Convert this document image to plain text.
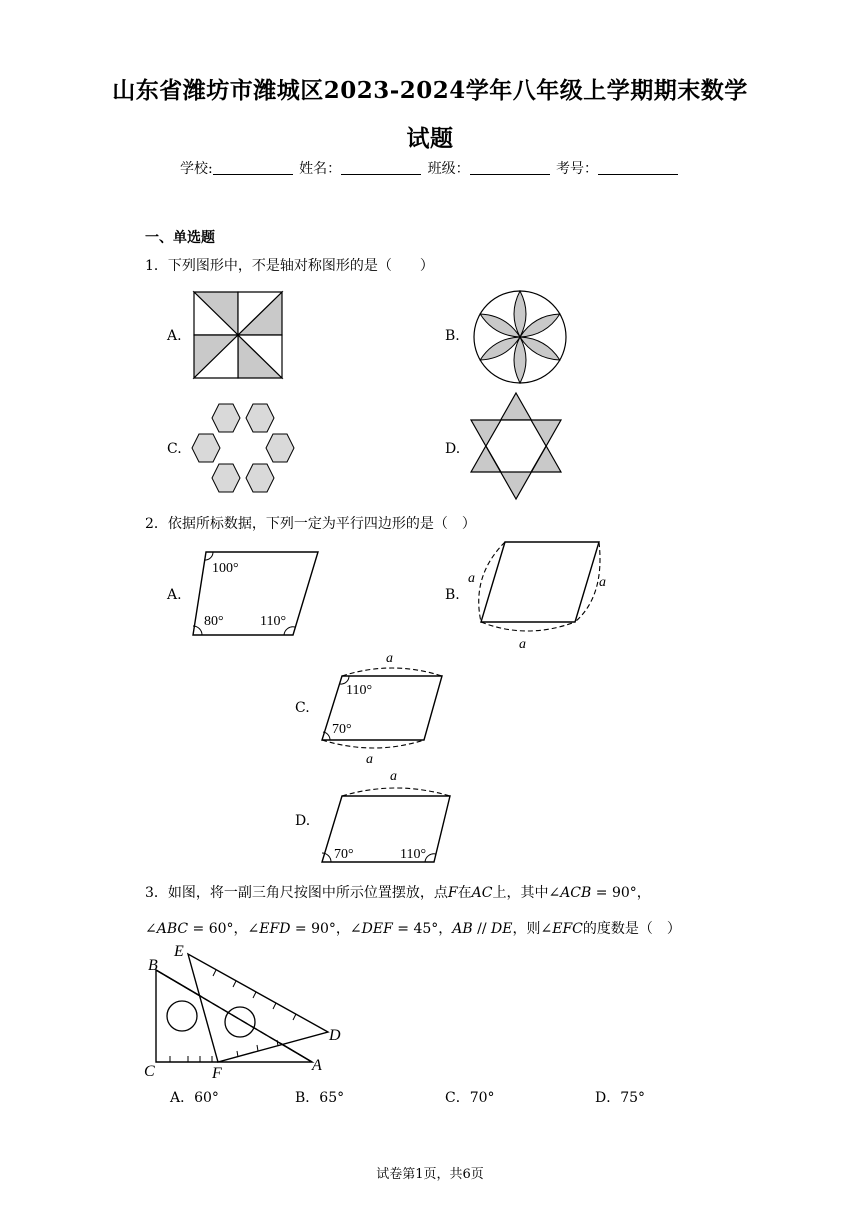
山东省潍坊市潍城区2023-2024学年八年级上学期期末数学
试题
学校:	姓名：	班级：	考号：
一、单选题
1．下列图形中，不是轴对称图形的是（　　）
A.	B.
C.	D.
2．依据所标数据，下列一定为平行四边形的是（　）
A.	B.
C.
D.
100°
80°	110°
a	a
a
a
110°
70°
a
a
70°	110°
3．如图，将一副三角尺按图中所示位置摆放，点F在AC上，其中∠ACB = 90°，
∠ABC = 60°，∠EFD = 90°，∠DEF = 45°，AB // DE，则∠EFC的度数是（　）
B
E
D
C	F	A
A．60°	B．65°	C．70°	D．75°
试卷第1页，共6页
